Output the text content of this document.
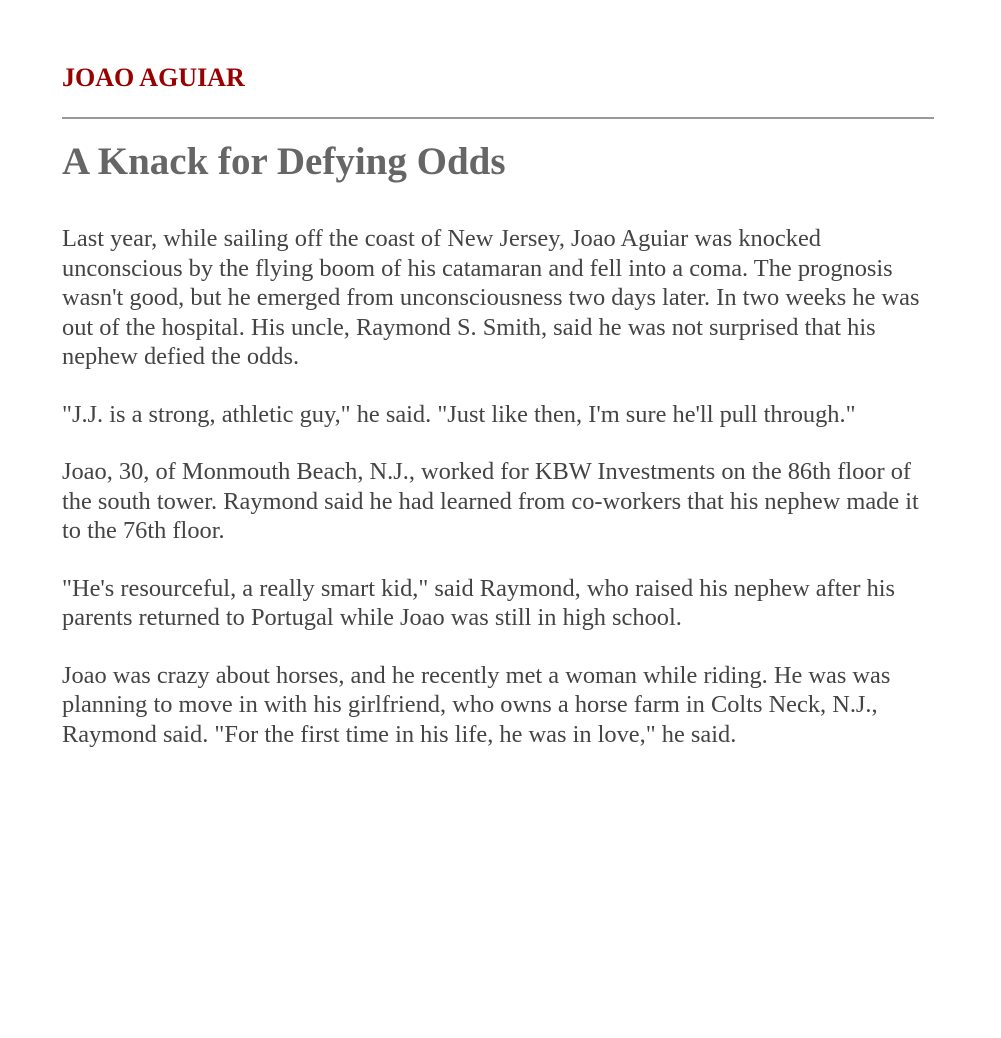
JOAO AGUIAR
A Knack for Defying Odds

Last year, while sailing off the coast of New Jersey, Joao Aguiar was knocked unconscious by the flying boom of his catamaran and fell into a coma. The prognosis wasn't good, but he emerged from unconsciousness two days later. In two weeks he was out of the hospital. His uncle, Raymond S. Smith, said he was not surprised that his nephew defied the odds.

"J.J. is a strong, athletic guy," he said. "Just like then, I'm sure he'll pull through."

Joao, 30, of Monmouth Beach, N.J., worked for KBW Investments on the 86th floor of the south tower. Raymond said he had learned from co-workers that his nephew made it to the 76th floor.

"He's resourceful, a really smart kid," said Raymond, who raised his nephew after his parents returned to Portugal while Joao was still in high school.

Joao was crazy about horses, and he recently met a woman while riding. He was was planning to move in with his girlfriend, who owns a horse farm in Colts Neck, N.J., Raymond said. "For the first time in his life, he was in love," he said.
